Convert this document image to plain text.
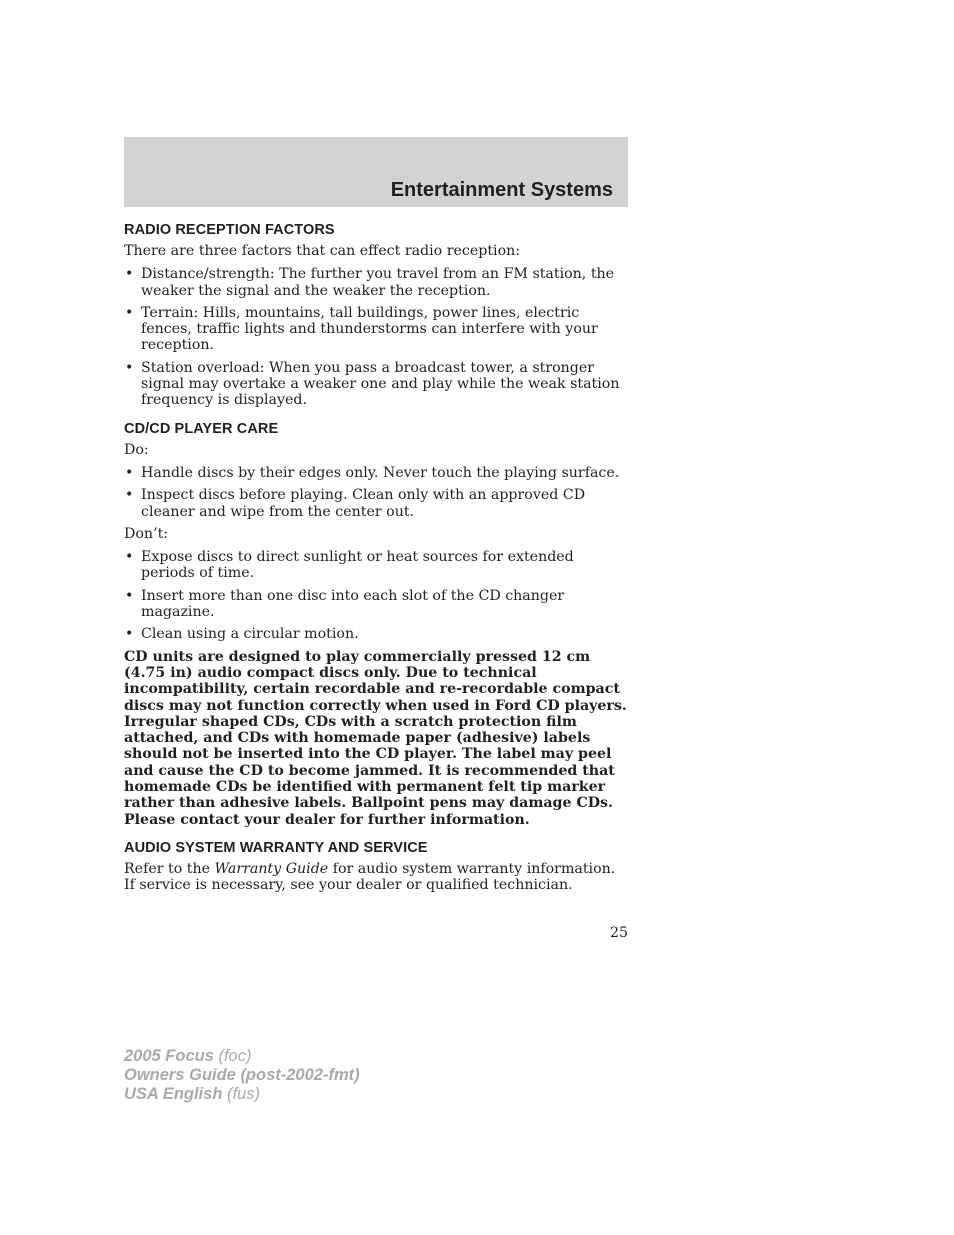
Entertainment Systems
RADIO RECEPTION FACTORS

There are three factors that can effect radio reception:

• Distance/strength: The further you travel from an FM station, the weaker the signal and the weaker the reception.
• Terrain: Hills, mountains, tall buildings, power lines, electric fences, traffic lights and thunderstorms can interfere with your reception.
• Station overload: When you pass a broadcast tower, a stronger signal may overtake a weaker one and play while the weak station frequency is displayed.
CD/CD PLAYER CARE

Do:

• Handle discs by their edges only. Never touch the playing surface.
• Inspect discs before playing. Clean only with an approved CD cleaner and wipe from the center out.

Don’t:

• Expose discs to direct sunlight or heat sources for extended periods of time.
• Insert more than one disc into each slot of the CD changer magazine.
• Clean using a circular motion.

CD units are designed to play commercially pressed 12 cm (4.75 in) audio compact discs only. Due to technical incompatibility, certain recordable and re-recordable compact discs may not function correctly when used in Ford CD players. Irregular shaped CDs, CDs with a scratch protection film attached, and CDs with homemade paper (adhesive) labels should not be inserted into the CD player. The label may peel and cause the CD to become jammed. It is recommended that homemade CDs be identified with permanent felt tip marker rather than adhesive labels. Ballpoint pens may damage CDs. Please contact your dealer for further information.

AUDIO SYSTEM WARRANTY AND SERVICE

Refer to the Warranty Guide for audio system warranty information. If service is necessary, see your dealer or qualified technician.

25
2005 Focus (foc)
Owners Guide (post-2002-fmt)
USA English (fus)
